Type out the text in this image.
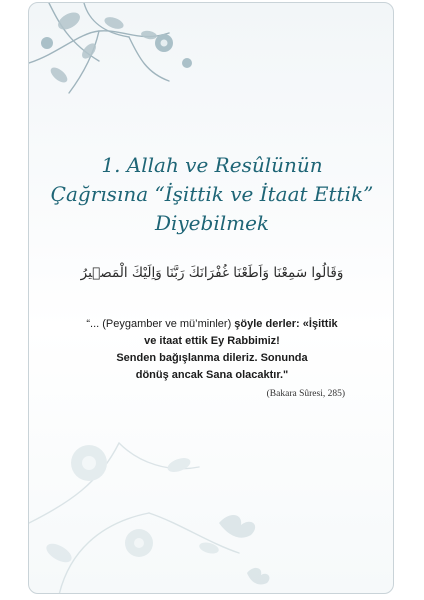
1. Allah ve Resûlünün
Çağrısına “İşittik ve İtaat Ettik”
Diyebilmek
وَقَالُوا سَمِعْنَا وَاَطَعْنَا غُفْرَانَكَ رَبَّنَا وَاِلَيْكَ الْمَص۪يرُ
“... (Peygamber ve mü’minler) şöyle derler: «İşittik
ve itaat ettik Ey Rabbimiz!
Senden bağışlanma dileriz. Sonunda
dönüş ancak Sana olacaktır."
(Bakara Sûresi, 285)
